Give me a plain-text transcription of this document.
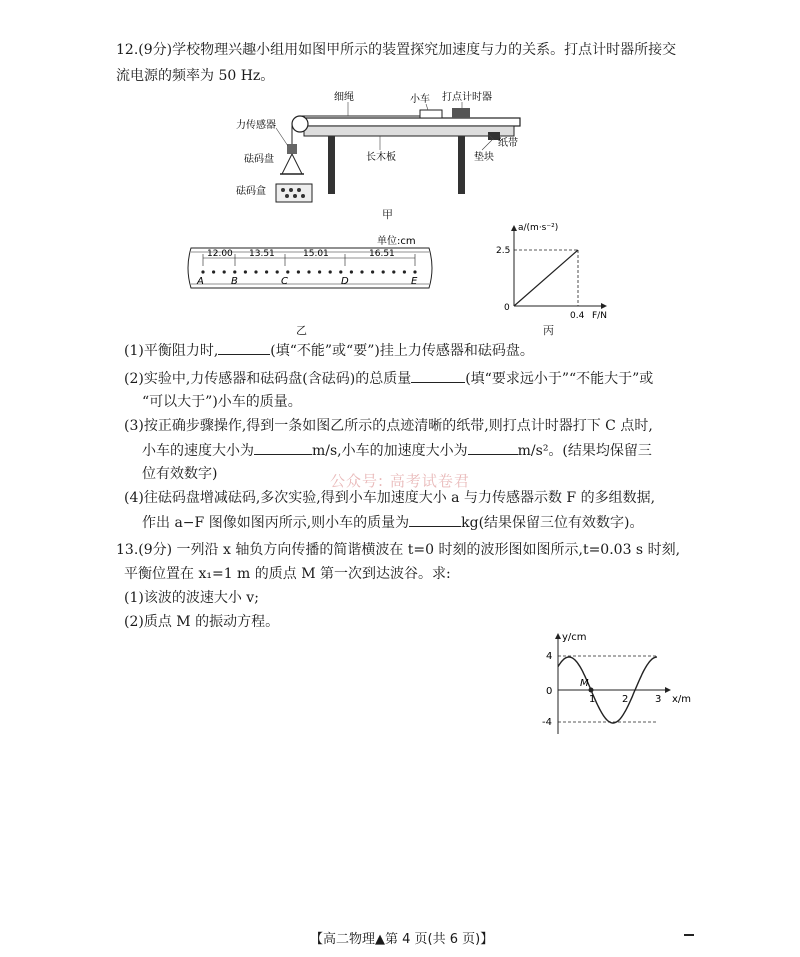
12.(9分)学校物理兴趣小组用如图甲所示的装置探究加速度与力的关系。打点计时器所接交
流电源的频率为 50 Hz。
细绳	小车 打点计时器
力传感器
纸带
垫块
砝码盘	长木板
砝码盒
甲
单位:cm
12.00 13.51	15.01	16.51
A	B	C	D	E
乙
a/(m·s⁻²)
2.5
0
0.4 F/N
丙
(1)平衡阻力时,	(填“不能”或“要”)挂上力传感器和砝码盘。
(2)实验中,力传感器和砝码盘(含砝码)的总质量	(填“要求远小于”“不能大于”或
“可以大于”)小车的质量。
(3)按正确步骤操作,得到一条如图乙所示的点迹清晰的纸带,则打点计时器打下 C 点时,
小车的速度大小为	m/s,小车的加速度大小为	m/s²。(结果均保留三
位有效数字)	公众号: 高考试卷君
(4)往砝码盘增减砝码,多次实验,得到小车加速度大小 a 与力传感器示数 F 的多组数据,
作出 a−F 图像如图丙所示,则小车的质量为	kg(结果保留三位有效数字)。
13.(9分) 一列沿 x 轴负方向传播的简谐横波在 t=0 时刻的波形图如图所示,t=0.03 s 时刻,
平衡位置在 x₁=1 m 的质点 M 第一次到达波谷。求:
(1)该波的波速大小 v;
(2)质点 M 的振动方程。
y/cm
x/m
4
0
-4
1	2	3
M
【高二物理▲第 4 页(共 6 页)】
